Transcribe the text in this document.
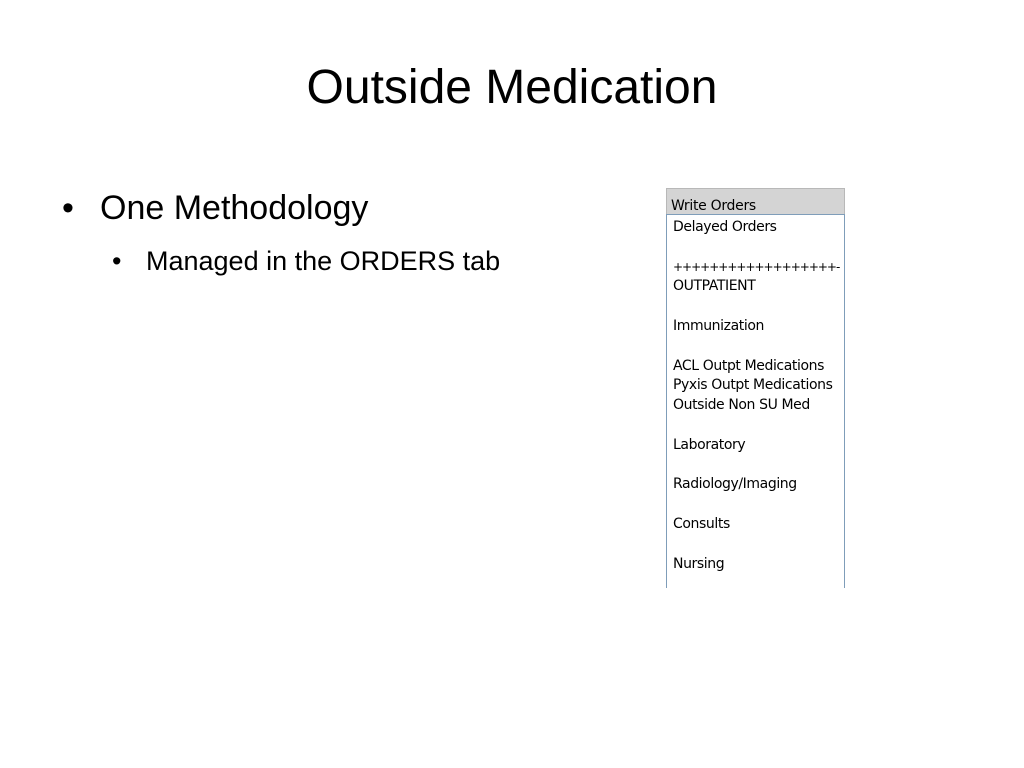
Outside Medication
• One Methodology
• Managed in the ORDERS tab
Write Orders
Delayed Orders
++++++++++++++++++-
OUTPATIENT
Immunization
ACL Outpt Medications
Pyxis Outpt Medications
Outside Non SU Med
Laboratory
Radiology/Imaging
Consults
Nursing
